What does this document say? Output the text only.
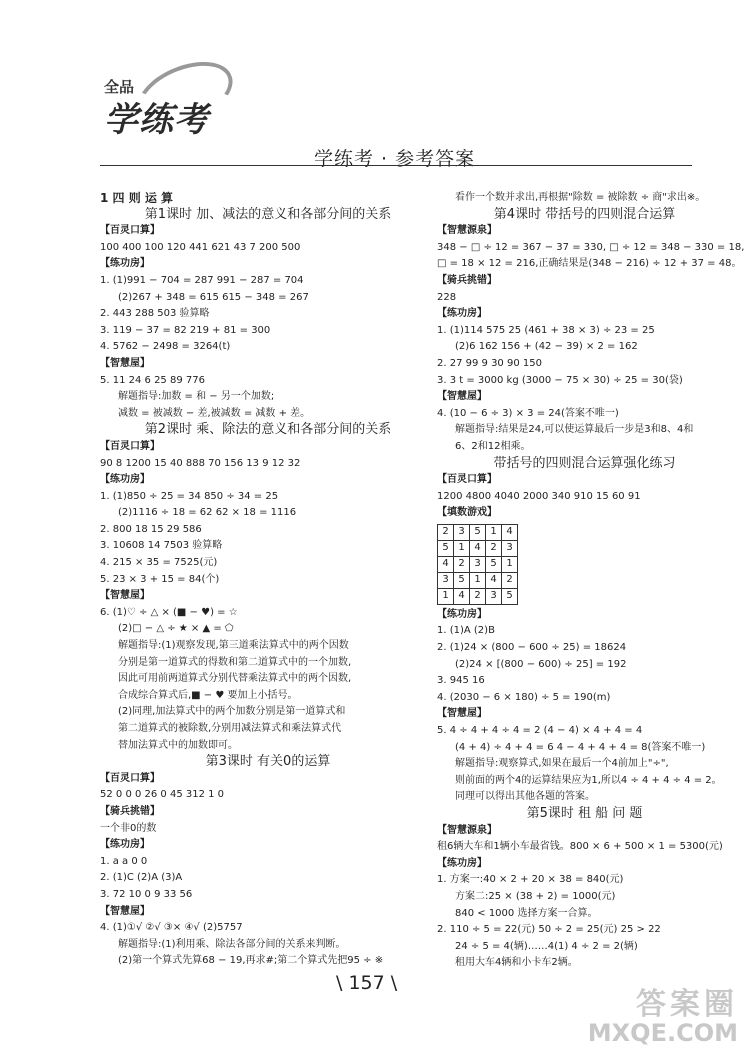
全品
学练考
学练考 · 参考答案
1 四 则 运 算
第1课时 加、减法的意义和各部分间的关系
【百灵口算】
100 400 100 120 441 621 43 7 200 500
【练功房】
1. (1)991 − 704 = 287 991 − 287 = 704
(2)267 + 348 = 615 615 − 348 = 267
2. 443 288 503 验算略
3. 119 − 37 = 82 219 + 81 = 300
4. 5762 − 2498 = 3264(t)
【智慧屋】
5. 11 24 6 25 89 776
解题指导:加数 = 和 − 另一个加数;
减数 = 被减数 − 差,被减数 = 减数 + 差。
第2课时 乘、除法的意义和各部分间的关系
【百灵口算】
90 8 1200 15 40 888 70 156 13 9 12 32
【练功房】
1. (1)850 ÷ 25 = 34 850 ÷ 34 = 25
(2)1116 ÷ 18 = 62 62 × 18 = 1116
2. 800 18 15 29 586
3. 10608 14 7503 验算略
4. 215 × 35 = 7525(元)
5. 23 × 3 + 15 = 84(个)
【智慧屋】
6. (1)♡ ÷ △ × (■ − ♥) = ☆
(2)□ − △ ÷ ★ × ▲ = ⬠
解题指导:(1)观察发现,第三道乘法算式中的两个因数
分别是第一道算式的得数和第二道算式中的一个加数,
因此可用前两道算式分别代替乘法算式中的两个因数,
合成综合算式后,■ − ♥ 要加上小括号。
(2)同理,加法算式中的两个加数分别是第一道算式和
第二道算式的被除数,分别用减法算式和乘法算式代
替加法算式中的加数即可。
第3课时 有关0的运算
【百灵口算】
52 0 0 0 26 0 45 312 1 0
【骑兵挑错】
一个非0的数
【练功房】
1. a a 0 0
2. (1)C (2)A (3)A
3. 72 10 0 9 33 56
【智慧屋】
4. (1)①√ ②√ ③× ④√ (2)5757
解题指导:(1)利用乘、除法各部分间的关系来判断。
(2)第一个算式先算68 − 19,再求#;第二个算式先把95 ÷ ※
看作一个数并求出,再根据"除数 = 被除数 ÷ 商"求出※。
第4课时 带括号的四则混合运算
【智慧源泉】
348 − □ ÷ 12 = 367 − 37 = 330, □ ÷ 12 = 348 − 330 = 18,
□ = 18 × 12 = 216,正确结果是(348 − 216) ÷ 12 + 37 = 48。
【骑兵挑错】
228
【练功房】
1. (1)114 575 25 (461 + 38 × 3) ÷ 23 = 25
(2)6 162 156 + (42 − 39) × 2 = 162
2. 27 99 9 30 90 150
3. 3 t = 3000 kg (3000 − 75 × 30) ÷ 25 = 30(袋)
【智慧屋】
4. (10 − 6 ÷ 3) × 3 = 24(答案不唯一)
解题指导:结果是24,可以使运算最后一步是3和8、4和
6、2和12相乘。
带括号的四则混合运算强化练习
【百灵口算】
1200 4800 4040 2000 340 910 15 60 91
【填数游戏】
2	3	5	1	4
5	1	4	2	3
4	2	3	5	1
3	5	1	4	2
1	4	2	3	5
【练功房】
1. (1)A (2)B
2. (1)24 × (800 − 600 ÷ 25) = 18624
(2)24 × [(800 − 600) ÷ 25] = 192
3. 945 16
4. (2030 − 6 × 180) ÷ 5 = 190(m)
【智慧屋】
5. 4 ÷ 4 + 4 ÷ 4 = 2 (4 − 4) × 4 + 4 = 4
(4 + 4) ÷ 4 + 4 = 6 4 − 4 + 4 + 4 = 8(答案不唯一)
解题指导:观察算式,如果在最后一个4前加上"÷",
则前面的两个4的运算结果应为1,所以4 ÷ 4 + 4 ÷ 4 = 2。
同理可以得出其他各题的答案。
第5课时 租 船 问 题
【智慧源泉】
租6辆大车和1辆小车最省钱。800 × 6 + 500 × 1 = 5300(元)
【练功房】
1. 方案一:40 × 2 + 20 × 38 = 840(元)
方案二:25 × (38 + 2) = 1000(元)
840 < 1000 选择方案一合算。
2. 110 ÷ 5 = 22(元) 50 ÷ 2 = 25(元) 25 > 22
24 ÷ 5 = 4(辆)……4(1) 4 ÷ 2 = 2(辆)
租用大车4辆和小卡车2辆。
\ 157 \
答案圈
MXQE.COM
